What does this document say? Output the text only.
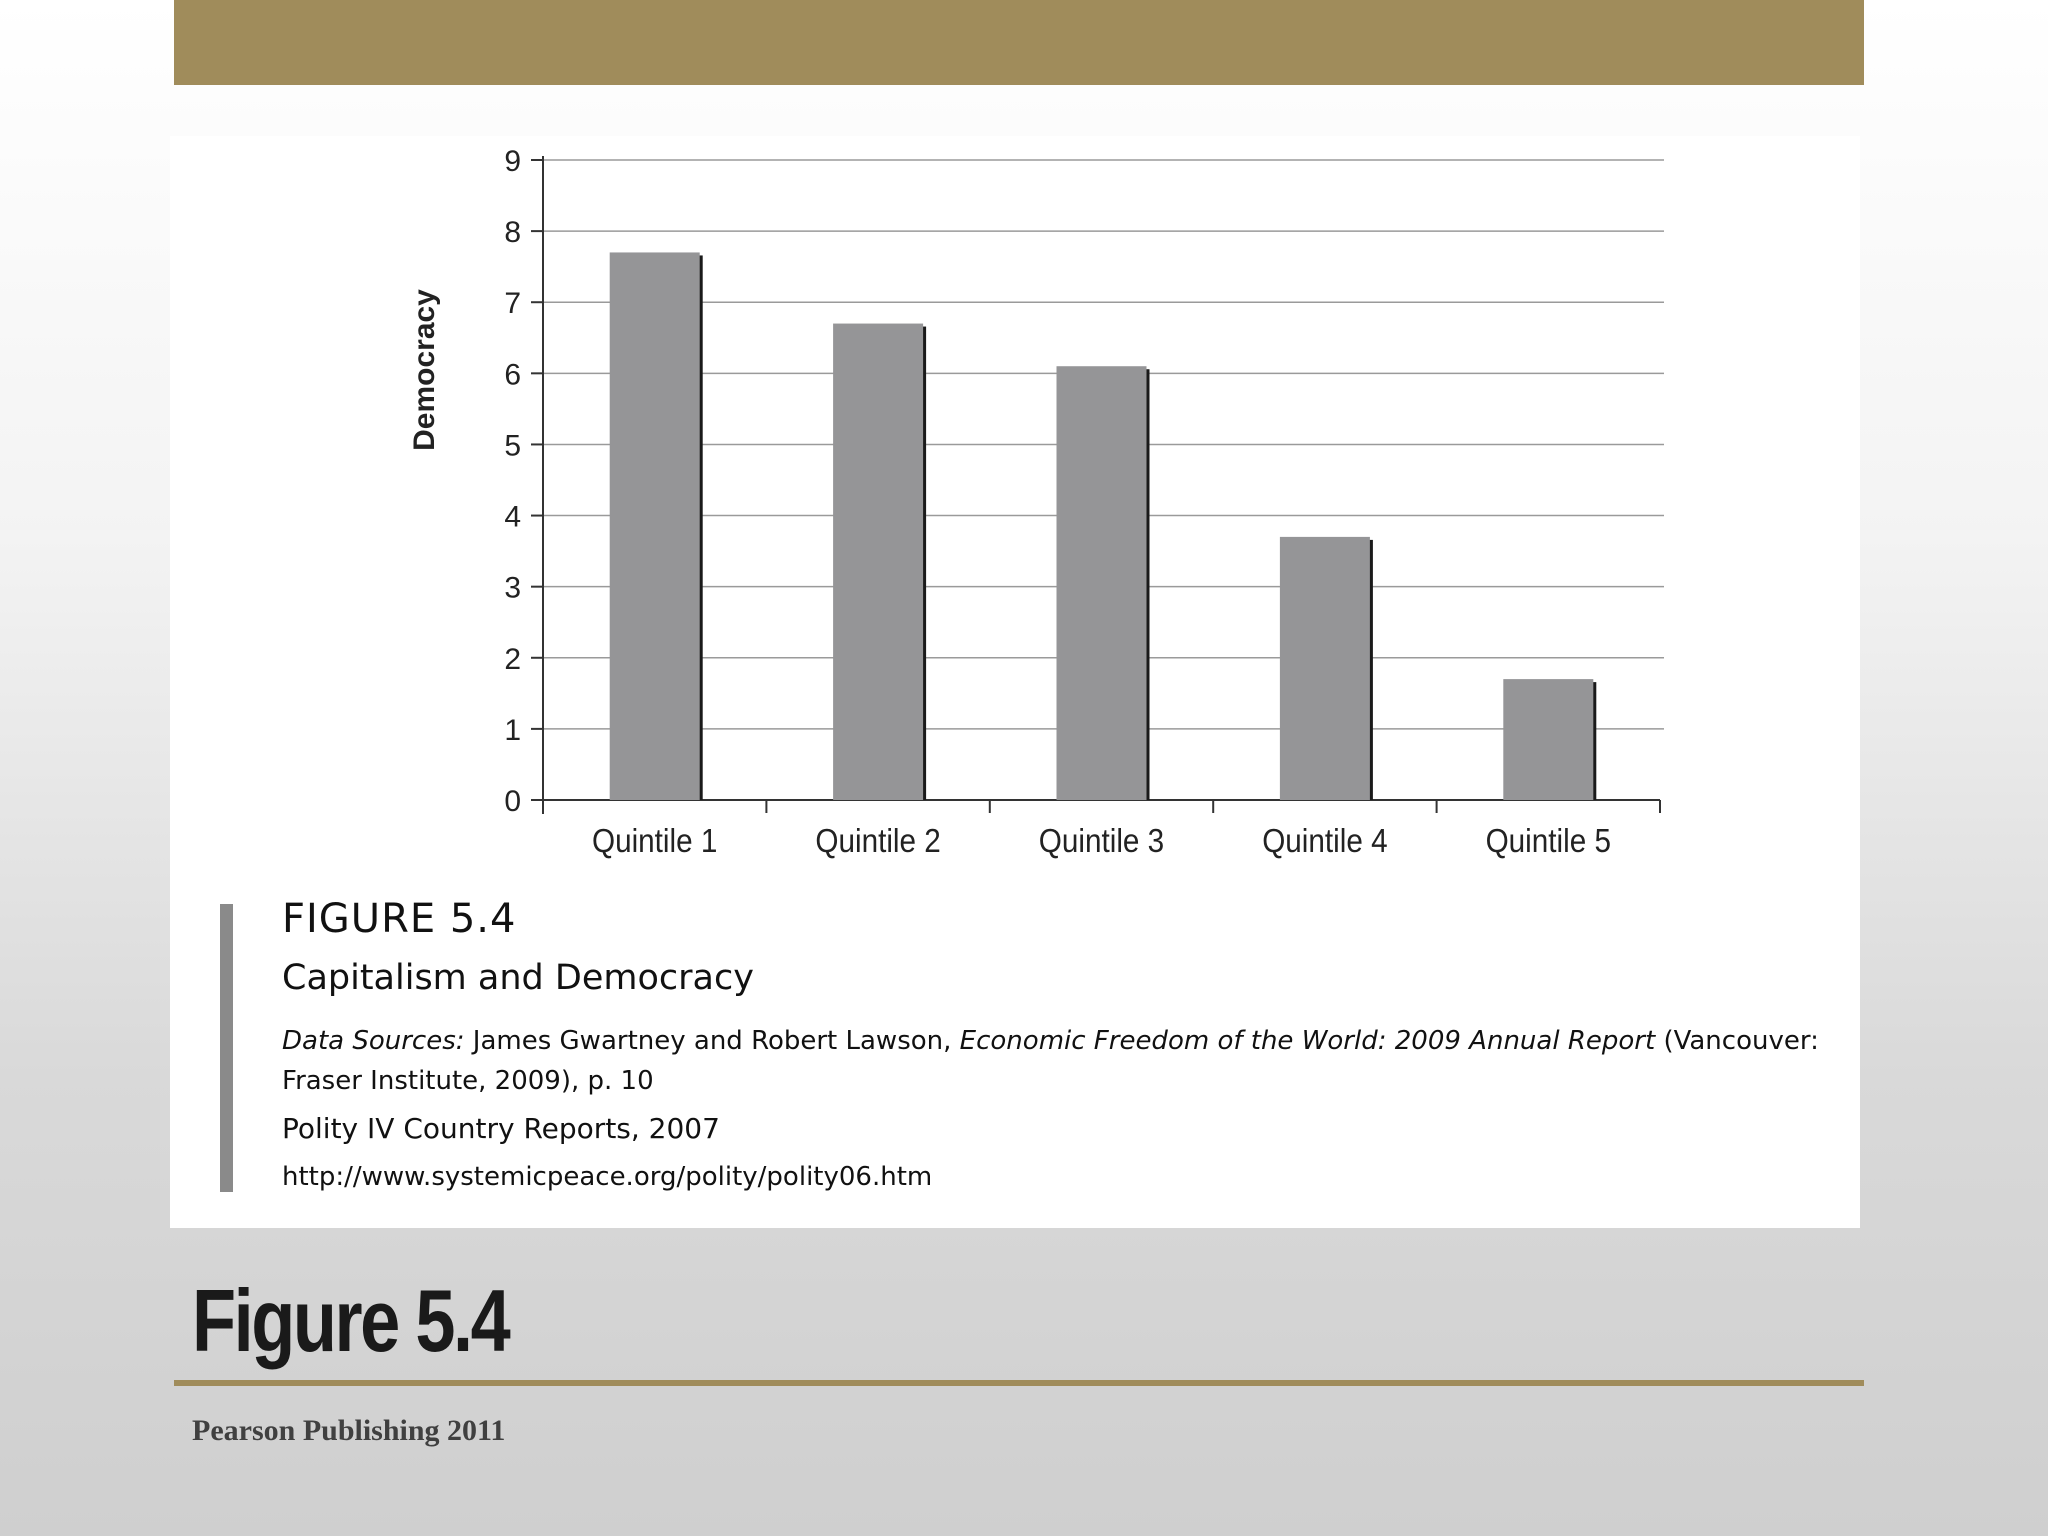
0
1
2
3
4
5
6
7
8
9
Quintile 1	Quintile 2	Quintile 3	Quintile 4	Quintile 5
Democracy
FIGURE 5.4
Capitalism and Democracy
Data Sources: James Gwartney and Robert Lawson, Economic Freedom of the World: 2009 Annual Report (Vancouver:
Fraser Institute, 2009), p. 10
Polity IV Country Reports, 2007
http://www.systemicpeace.org/polity/polity06.htm
Figure 5.4
Pearson Publishing 2011
